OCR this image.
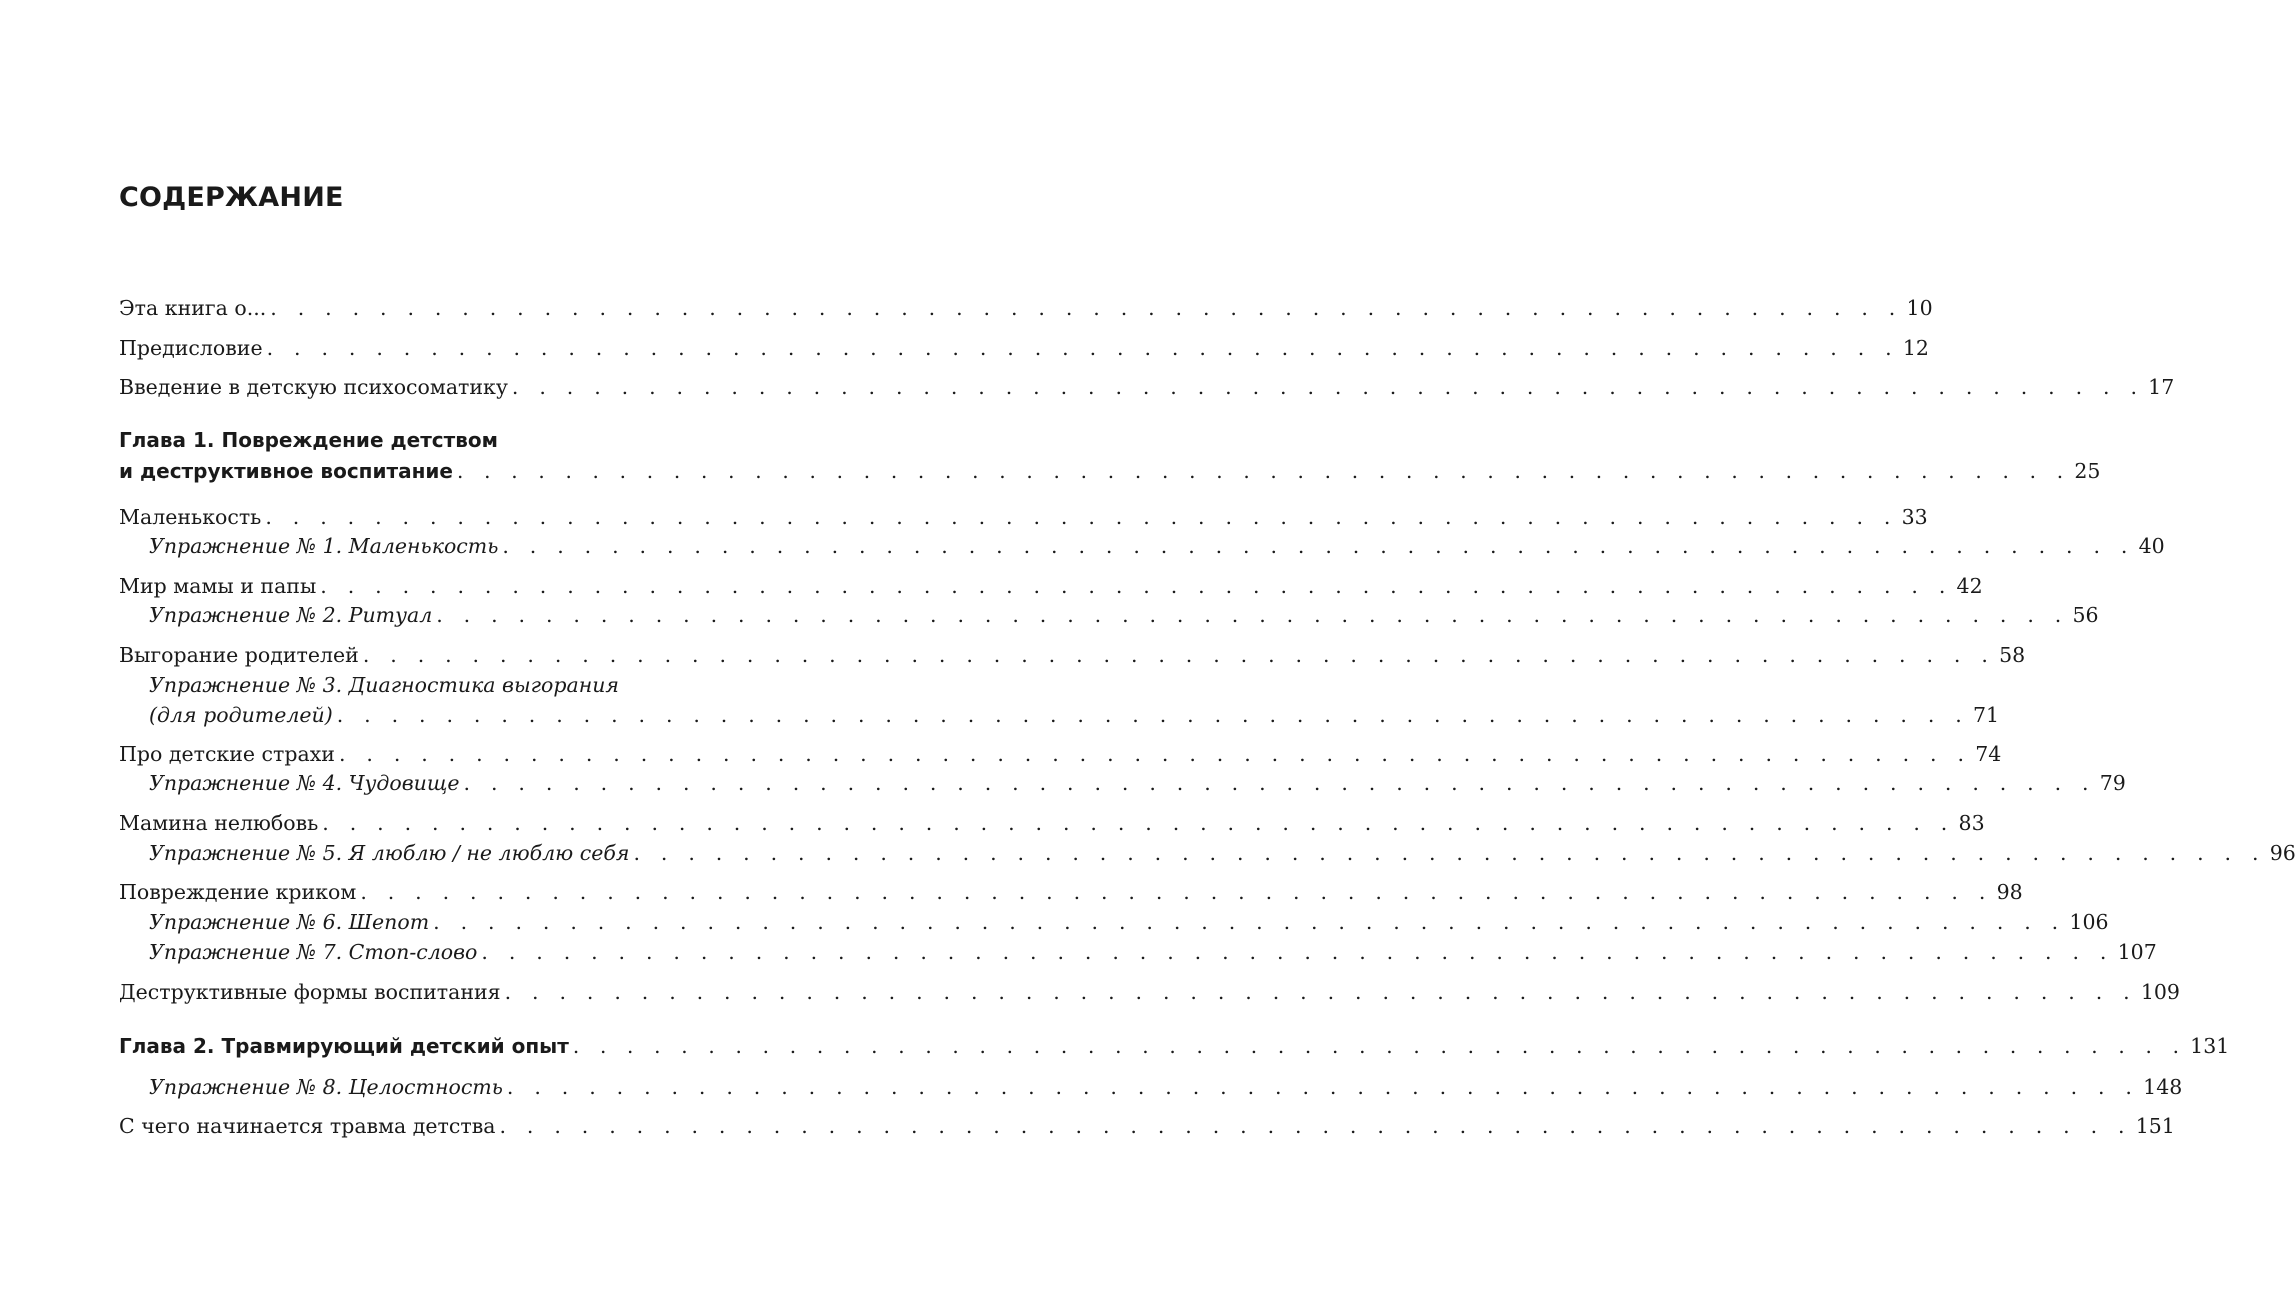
СОДЕРЖАНИЕ
Эта книга о... . . . . . . . . . . . . . . . . . . . . . . . . . . . . . . . . . . . . . . . . . . . . . . . . . . . . . . . . . . . . 10
Предисловие . . . . . . . . . . . . . . . . . . . . . . . . . . . . . . . . . . . . . . . . . . . . . . . . . . . . . . . . . . . . 12
Введение в детскую психосоматику . . . . . . . . . . . . . . . . . . . . . . . . . . . . . . . . . . . . . . . . . . . . . . . . . . . . . . . . . . . . 17
Глава 1. Повреждение детством
и деструктивное воспитание . . . . . . . . . . . . . . . . . . . . . . . . . . . . . . . . . . . . . . . . . . . . . . . . . . . . . . . . . . . . 25
Маленькость . . . . . . . . . . . . . . . . . . . . . . . . . . . . . . . . . . . . . . . . . . . . . . . . . . . . . . . . . . . . 33
Упражнение № 1. Маленькость . . . . . . . . . . . . . . . . . . . . . . . . . . . . . . . . . . . . . . . . . . . . . . . . . . . . . . . . . . . . 40
Мир мамы и папы . . . . . . . . . . . . . . . . . . . . . . . . . . . . . . . . . . . . . . . . . . . . . . . . . . . . . . . . . . . . 42
Упражнение № 2. Ритуал . . . . . . . . . . . . . . . . . . . . . . . . . . . . . . . . . . . . . . . . . . . . . . . . . . . . . . . . . . . . 56
Выгорание родителей . . . . . . . . . . . . . . . . . . . . . . . . . . . . . . . . . . . . . . . . . . . . . . . . . . . . . . . . . . . . 58
Упражнение № 3. Диагностика выгорания
(для родителей) . . . . . . . . . . . . . . . . . . . . . . . . . . . . . . . . . . . . . . . . . . . . . . . . . . . . . . . . . . . . 71
Про детские страхи . . . . . . . . . . . . . . . . . . . . . . . . . . . . . . . . . . . . . . . . . . . . . . . . . . . . . . . . . . . . 74
Упражнение № 4. Чудовище . . . . . . . . . . . . . . . . . . . . . . . . . . . . . . . . . . . . . . . . . . . . . . . . . . . . . . . . . . . . 79
Мамина нелюбовь . . . . . . . . . . . . . . . . . . . . . . . . . . . . . . . . . . . . . . . . . . . . . . . . . . . . . . . . . . . . 83
Упражнение № 5. Я люблю / не люблю себя . . . . . . . . . . . . . . . . . . . . . . . . . . . . . . . . . . . . . . . . . . . . . . . . . . . . . . . . . . . . 96
Повреждение криком . . . . . . . . . . . . . . . . . . . . . . . . . . . . . . . . . . . . . . . . . . . . . . . . . . . . . . . . . . . . 98
Упражнение № 6. Шепот . . . . . . . . . . . . . . . . . . . . . . . . . . . . . . . . . . . . . . . . . . . . . . . . . . . . . . . . . . . . 106
Упражнение № 7. Стоп-слово . . . . . . . . . . . . . . . . . . . . . . . . . . . . . . . . . . . . . . . . . . . . . . . . . . . . . . . . . . . . 107
Деструктивные формы воспитания . . . . . . . . . . . . . . . . . . . . . . . . . . . . . . . . . . . . . . . . . . . . . . . . . . . . . . . . . . . . 109
Глава 2. Травмирующий детский опыт . . . . . . . . . . . . . . . . . . . . . . . . . . . . . . . . . . . . . . . . . . . . . . . . . . . . . . . . . . . . 131
Упражнение № 8. Целостность . . . . . . . . . . . . . . . . . . . . . . . . . . . . . . . . . . . . . . . . . . . . . . . . . . . . . . . . . . . . 148
С чего начинается травма детства . . . . . . . . . . . . . . . . . . . . . . . . . . . . . . . . . . . . . . . . . . . . . . . . . . . . . . . . . . . . 151
